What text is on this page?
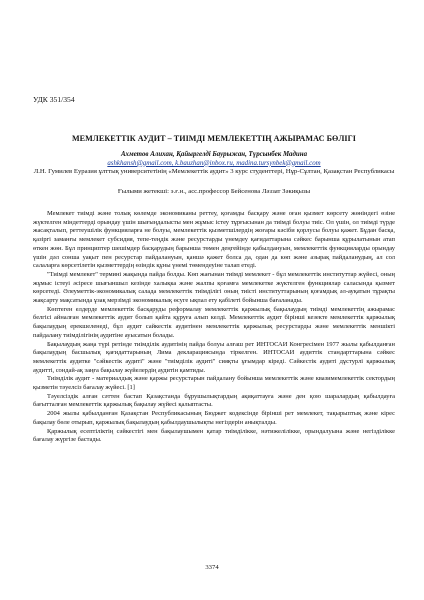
УДК 351/354
МЕМЛЕКЕТТІК АУДИТ – ТИІМДІ МЕМЛЕКЕТТІҢ АЖЫРАМАС БӨЛІГІ
Ахметов Алихан, Қайыргелді Баурыжан, Түрсынбек Мадина
ashkhansh@gmail.com, k.bauzhan@inbox.ru, madina.tursynbek@gmail.com
Л.Н. Гумилев Еуразия ұлттық университетінің «Мемлекеттік аудит» 3 курс студенттері, Нұр-Сұлтан, Қазақстан Республикасы
Ғылыми жетекші: э.ғ.н., асс.профессор Бейсенова Ләззат Зәкиқызы

Мемлекет тиімді және толық көлемде экономиканы реттеу, қоғамды басқару және оған қызмет көрсету жөніндегі өзіне жүктелген міндеттерді орындау үшін шығыңдалысты мен жұмыс істеу тұрғысынан да тиімді болуы тиіс. Ол үшін, ол тиімді түрде жасақталып, реттеушілік функцияларға не болуы, мемлекеттік қызметшілердің жоғары кәсіби қорлусы болуы қажет. Бұдан басқа, қазіргі заманғы мемлекет субсидия, тепе-теңдік және ресурстарды үнемдеу қағидаттарына сәйкес барынша құрылатынын атап өткен жөн. Бұл принциптер шешімдер басқарудың барынша төмен деңгейінде қабылдануын, мемлекеттік функцияларды орындау үшін дәл сонша уақыт пен ресурстар пайдалануын, қаншә қажет болса да, одан да көп және азырақ пайдаланудың, ал сол салаларға көрсетілетін қызметтердің өзіндік құны үнемі төмендеуіне талап етеді.

"Тиімді мемлекет" термині жақында пайда болды. Көп жағынан тиімді мемлекет - бұл мемлекеттік институттар жүйесі, оның жұмыс істеуі әсіресе шығыншыл кезінде халықка және жалпы қоғамға мемлекетке жүктелген функциялар саласында қызмет көрсетеді. Әлеуметтік-экономикалық салада мемлекеттік тиімділігі оның тиісті институттарының қоғамдық әл-ауқатын тұрақты жақсарту мақсатында ұзақ мерзімді экономикалық өсуге ықпал ету қабілеті бойынша бағаланады.

Көптеген елдерде мемлекеттік басқаруды реформалау мемлекеттік қаржылық бақылаудың тиімді мемлекеттің ажырамас белгісі айналған мемлекеттік аудит болып қайта құруға алып келді. Мемлекеттік аудит бірінші кезекте мемлекеттік қаржылық бақылаудың ерекшеленеді, бұл аудит сайкестік аудитінен мемлекеттік қаржылық ресурстарды және мемлекеттік меншікті пайдалану тиімділігінің аудитіне ауысатын болады.

Бақылаудың жаңа түрі ретінде тиімділік аудитінің пайда болуы алғаш рет ИНТОСАИ Конгресімен 1977 жылы қабылданған бақылаудың басшылық қағидаттарының Лима декларациясында тіркелген. ИНТОСАИ аудиттік стандарттарына сәйкес мемлекеттік аудитке "сәйкестік аудиті" және "тиімділік аудиті" сияқты ұғымдар кіреді. Сәйкестік аудиті дұстурлі қаржылық аудитті, сондай-ақ заңға бақылау жүйелердің аудитін қамтиды.

Тиімділік аудит - материалдық және қаржы ресурстарын пайдалану бойынша мемлекеттік және квазимемлекеттік сектордың қызметін тәуелсіз бағалау жүйесі. [1]

Тәуелсіздік алған сәттен бастап Қазақстанда бұрушылықтардың ақиқаттауға және ден қою шаралардың қабылдауға бағытталған мемлекеттік қаржылық бақылау жүйесі қалыптасты.

2004 жылы қабылданған Қазақстан Республикасының Бюджет кодексінде бірінші рет мемлекет, тақырыптық және кірес бақылау бөле отырып, қаржылық бақылаудың қабылдаушылықты негіздерін анықталды.

Қаржылық есептіліктің сәйкестігі мен бақылаушымен қатар тиімділікке, нәтижелілікке, орындалуына және негізділікке бағалау жүргізе бастады.

3374
